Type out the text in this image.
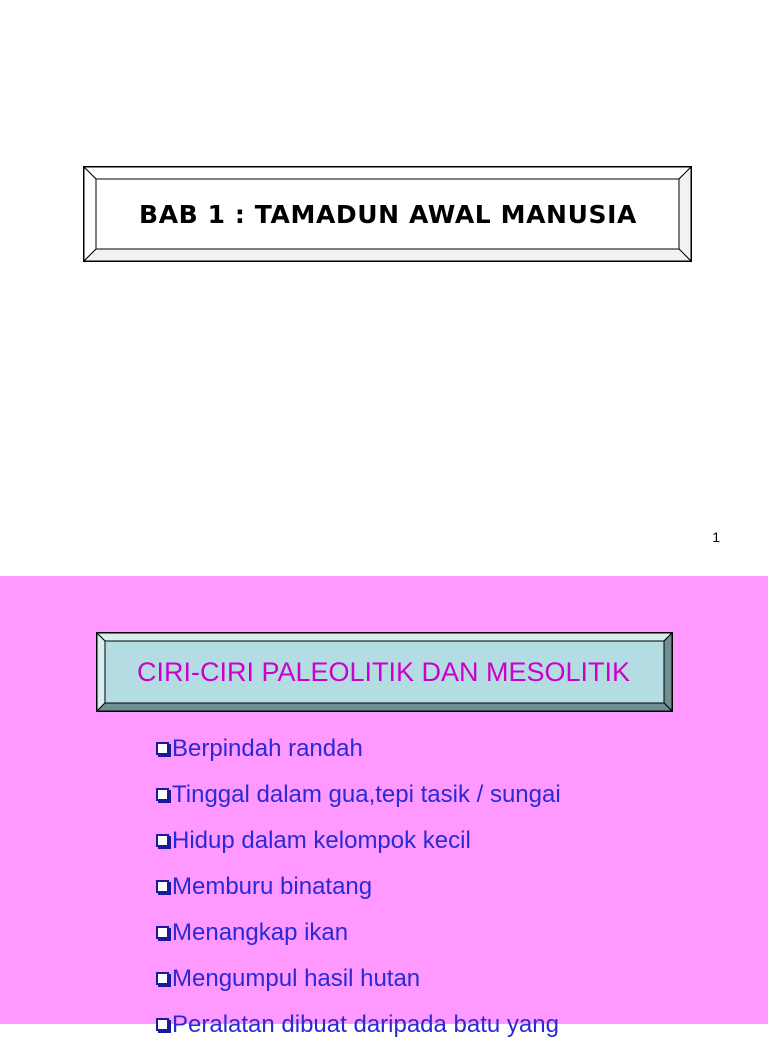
BAB 1 : TAMADUN AWAL MANUSIA
1
CIRI-CIRI PALEOLITIK DAN MESOLITIK
Berpindah randah
Tinggal dalam gua,tepi tasik / sungai
Hidup dalam kelompok kecil
Memburu binatang
Menangkap ikan
Mengumpul hasil hutan
Peralatan dibuat daripada batu yang
